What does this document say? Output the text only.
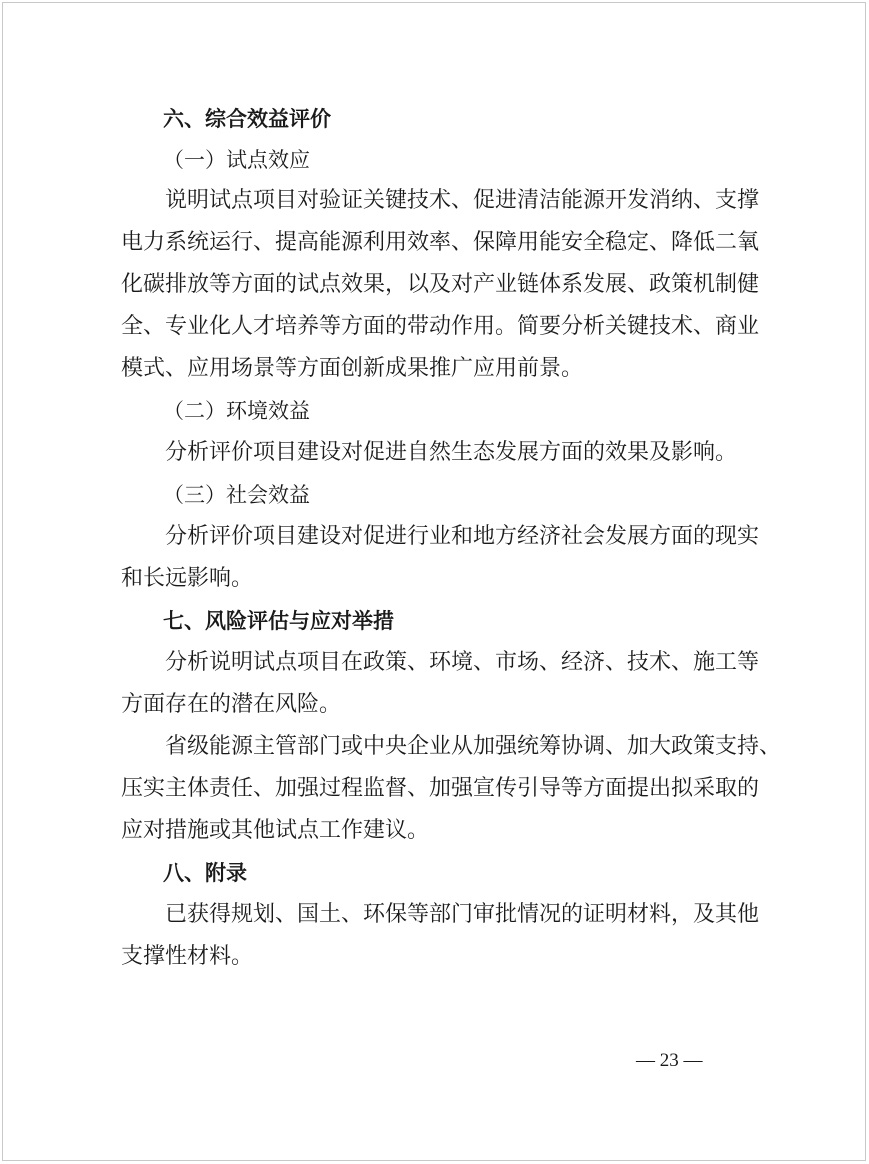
六、综合效益评价
（一）试点效应
说明试点项目对验证关键技术、促进清洁能源开发消纳、支撑
电力系统运行、提高能源利用效率、保障用能安全稳定、降低二氧
化碳排放等方面的试点效果，以及对产业链体系发展、政策机制健
全、专业化人才培养等方面的带动作用。简要分析关键技术、商业
模式、应用场景等方面创新成果推广应用前景。
（二）环境效益
分析评价项目建设对促进自然生态发展方面的效果及影响。
（三）社会效益
分析评价项目建设对促进行业和地方经济社会发展方面的现实
和长远影响。
七、风险评估与应对举措
分析说明试点项目在政策、环境、市场、经济、技术、施工等
方面存在的潜在风险。
省级能源主管部门或中央企业从加强统筹协调、加大政策支持、
压实主体责任、加强过程监督、加强宣传引导等方面提出拟采取的
应对措施或其他试点工作建议。
八、附录
已获得规划、国土、环保等部门审批情况的证明材料，及其他
支撑性材料。
— 23 —
